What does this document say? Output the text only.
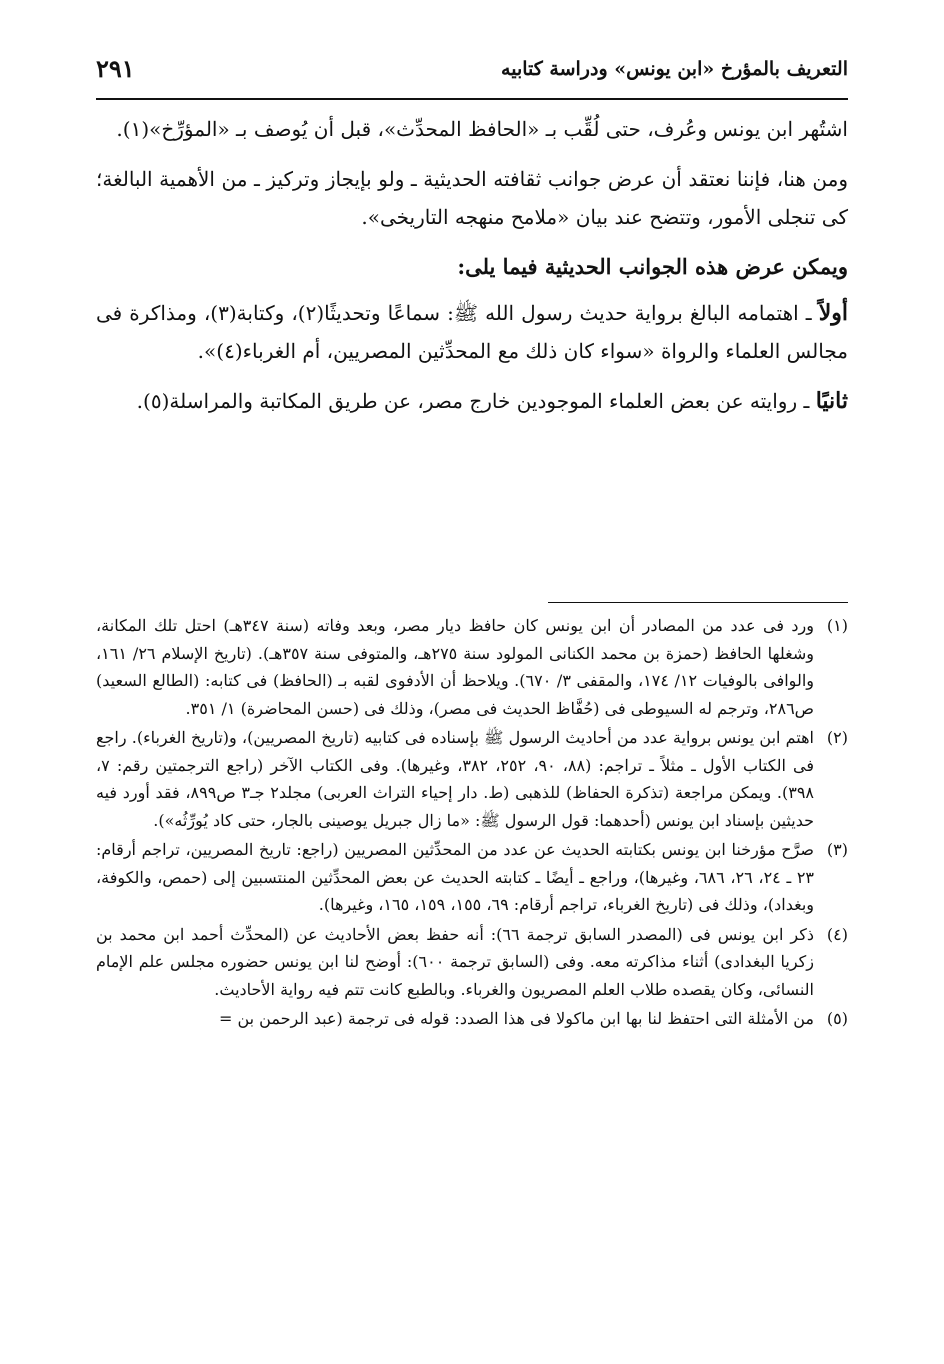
التعريف بالمؤرخ «ابن يونس» ودراسة كتابيه
٢٩١

اشتُهر ابن يونس وعُرف، حتى لُقِّب بـ «الحافظ المحدِّث»، قبل أن يُوصف بـ «المؤرِّخ»(١).

ومن هنا، فإننا نعتقد أن عرض جوانب ثقافته الحديثية ـ ولو بإيجاز وتركيز ـ من الأهمية البالغة؛ كى تنجلى الأمور، وتتضح عند بيان «ملامح منهجه التاريخى».

ويمكن عرض هذه الجوانب الحديثية فيما يلى:

أولاً ـ اهتمامه البالغ برواية حديث رسول الله ﷺ: سماعًا وتحديثًا(٢)، وكتابة(٣)، ومذاكرة فى مجالس العلماء والرواة «سواء كان ذلك مع المحدِّثين المصريين، أم الغرباء(٤)».

ثانيًا ـ روايته عن بعض العلماء الموجودين خارج مصر، عن طريق المكاتبة والمراسلة(٥).

(١)
ورد فى عدد من المصادر أن ابن يونس كان حافظ ديار مصر، وبعد وفاته (سنة ٣٤٧هـ) احتل تلك المكانة، وشغلها الحافظ (حمزة بن محمد الكنانى المولود سنة ٢٧٥هـ، والمتوفى سنة ٣٥٧هـ). (تاريخ الإسلام ٢٦/ ١٦١، والوافى بالوفيات ١٢/ ١٧٤، والمقفى ٣/ ٦٧٠). ويلاحظ أن الأدفوى لقبه بـ (الحافظ) فى كتابه: (الطالع السعيد) ص٢٨٦، وترجم له السيوطى فى (حُفَّاظ الحديث فى مصر)، وذلك فى (حسن المحاضرة) ١/ ٣٥١.

(٢)
اهتم ابن يونس برواية عدد من أحاديث الرسول ﷺ بإسناده فى كتابيه (تاريخ المصريين)، و(تاريخ الغرباء). راجع فى الكتاب الأول ـ مثلاً ـ تراجم: (٨٨، ٩٠، ٢٥٢، ٣٨٢، وغيرها). وفى الكتاب الآخر (راجع الترجمتين رقم: ٧، ٣٩٨). ويمكن مراجعة (تذكرة الحفاظ) للذهبى (ط. دار إحياء التراث العربى) مجلد٢ جـ٣ ص٨٩٩، فقد أورد فيه حديثين بإسناد ابن يونس (أحدهما: قول الرسول ﷺ: «ما زال جبريل يوصينى بالجار، حتى كاد يُورِّثُه»).

(٣)
صرَّح مؤرخنا ابن يونس بكتابته الحديث عن عدد من المحدِّثين المصريين (راجع: تاريخ المصريين، تراجم أرقام: ٢٣ ـ ٢٤، ٢٦، ٦٨٦، وغيرها)، وراجع ـ أيضًا ـ كتابته الحديث عن بعض المحدِّثين المنتسبين إلى (حمص، والكوفة، وبغداد)، وذلك فى (تاريخ الغرباء، تراجم أرقام: ٦٩، ١٥٥، ١٥٩، ١٦٥، وغيرها).

(٤)
ذكر ابن يونس فى (المصدر السابق ترجمة ٦٦): أنه حفظ بعض الأحاديث عن (المحدِّث أحمد ابن محمد بن زكريا البغدادى) أثناء مذاكرته معه. وفى (السابق ترجمة ٦٠٠): أوضح لنا ابن يونس حضوره مجلس علم الإمام النسائى، وكان يقصده طلاب العلم المصريون والغرباء. وبالطبع كانت تتم فيه رواية الأحاديث.

(٥)
من الأمثلة التى احتفظ لنا بها ابن ماكولا فى هذا الصدد: قوله فى ترجمة (عبد الرحمن بن =
